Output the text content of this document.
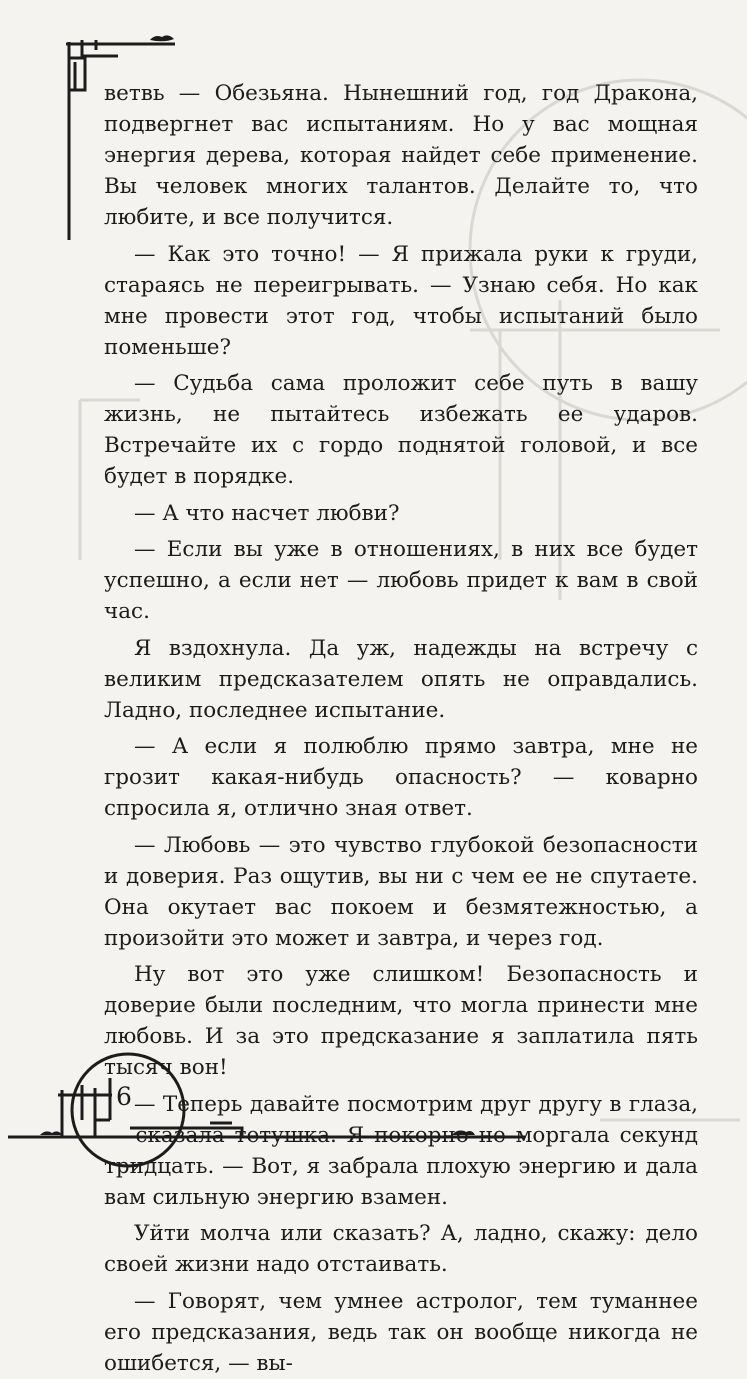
ветвь — Обезьяна. Нынешний год, год Дракона, подвергнет вас испытаниям. Но у вас мощная энергия дерева, которая найдет себе применение. Вы человек многих талантов. Делайте то, что любите, и все получится.

— Как это точно! — Я прижала руки к груди, стараясь не переигрывать. — Узнаю себя. Но как мне провести этот год, чтобы испытаний было поменьше?

— Судьба сама проложит себе путь в вашу жизнь, не пытайтесь избежать ее ударов. Встречайте их с гордо поднятой головой, и все будет в порядке.

— А что насчет любви?

— Если вы уже в отношениях, в них все будет успешно, а если нет — любовь придет к вам в свой час.

Я вздохнула. Да уж, надежды на встречу с великим предсказателем опять не оправдались. Ладно, последнее испытание.

— А если я полюблю прямо завтра, мне не грозит какая-нибудь опасность? — коварно спросила я, отлично зная ответ.

— Любовь — это чувство глубокой безопасности и доверия. Раз ощутив, вы ни с чем ее не спутаете. Она окутает вас покоем и безмятежностью, а произойти это может и завтра, и через год.

Ну вот это уже слишком! Безопасность и доверие были последним, что могла принести мне любовь. И за это предсказание я заплатила пять тысяч вон!

— Теперь давайте посмотрим друг другу в глаза, — сказала тетушка. Я покорно не моргала секунд тридцать. — Вот, я забрала плохую энергию и дала вам сильную энергию взамен.

Уйти молча или сказать? А, ладно, скажу: дело своей жизни надо отстаивать.

— Говорят, чем умнее астролог, тем туманнее его предсказания, ведь так он вообще никогда не ошибется, — вы-

6
